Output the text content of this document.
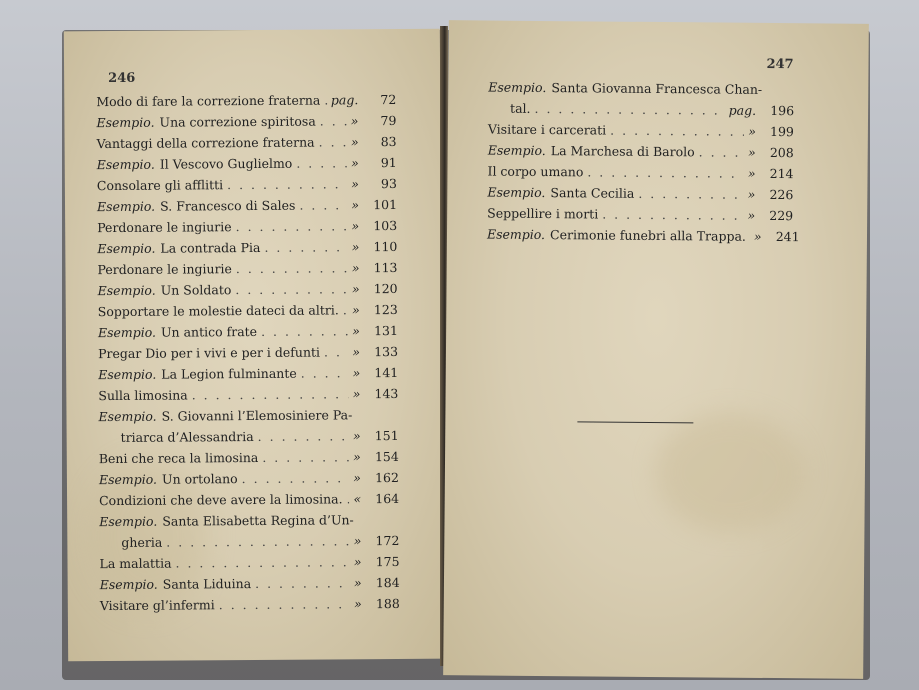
246
Modo di fare la correzione fraterna . . . pag.	72
Esempio. Una correzione spiritosa . . .	»	79
Vantaggi della correzione fraterna . . .	»	83
Esempio. Il Vescovo Guglielmo . . .	»	91
Consolare gli afflitti . . .	»	93
Esempio. S. Francesco di Sales . . .	»	101
Perdonare le ingiurie . . .	»	103
Esempio. La contrada Pia . . .	»	110
Perdonare le ingiurie . . .	»	113
Esempio. Un Soldato . . .	»	120
Sopportare le molestie dateci da altri. . . . »	123
Esempio. Un antico frate . . .	»	131
Pregar Dio per i vivi e per i defunti . . .	»	133
Esempio. La Legion fulminante . . .	»	141
Sulla limosina . . .	»	143
Esempio. S. Giovanni l’Elemosiniere Pa-
triarca d’Alessandria . . .	»	151
Beni che reca la limosina . . .	»	154
Esempio. Un ortolano . . .	»	162
Condizioni che deve avere la limosina. . . . «	164
Esempio. Santa Elisabetta Regina d’Un-
gheria . . .	»	172
La malattia . . .	»	175
Esempio. Santa Liduina . . .	»	184
Visitare gl’infermi . . .	»	188
247
Esempio. Santa Giovanna Francesca Chan-
tal. . . .	pag.	196
Visitare i carcerati . . .	»	199
Esempio. La Marchesa di Barolo . . .	»	208
Il corpo umano . . .	»	214
Esempio. Santa Cecilia . . .	»	226
Seppellire i morti . . .	»	229
Esempio. Cerimonie funebri alla Trappa. . . . »	241
